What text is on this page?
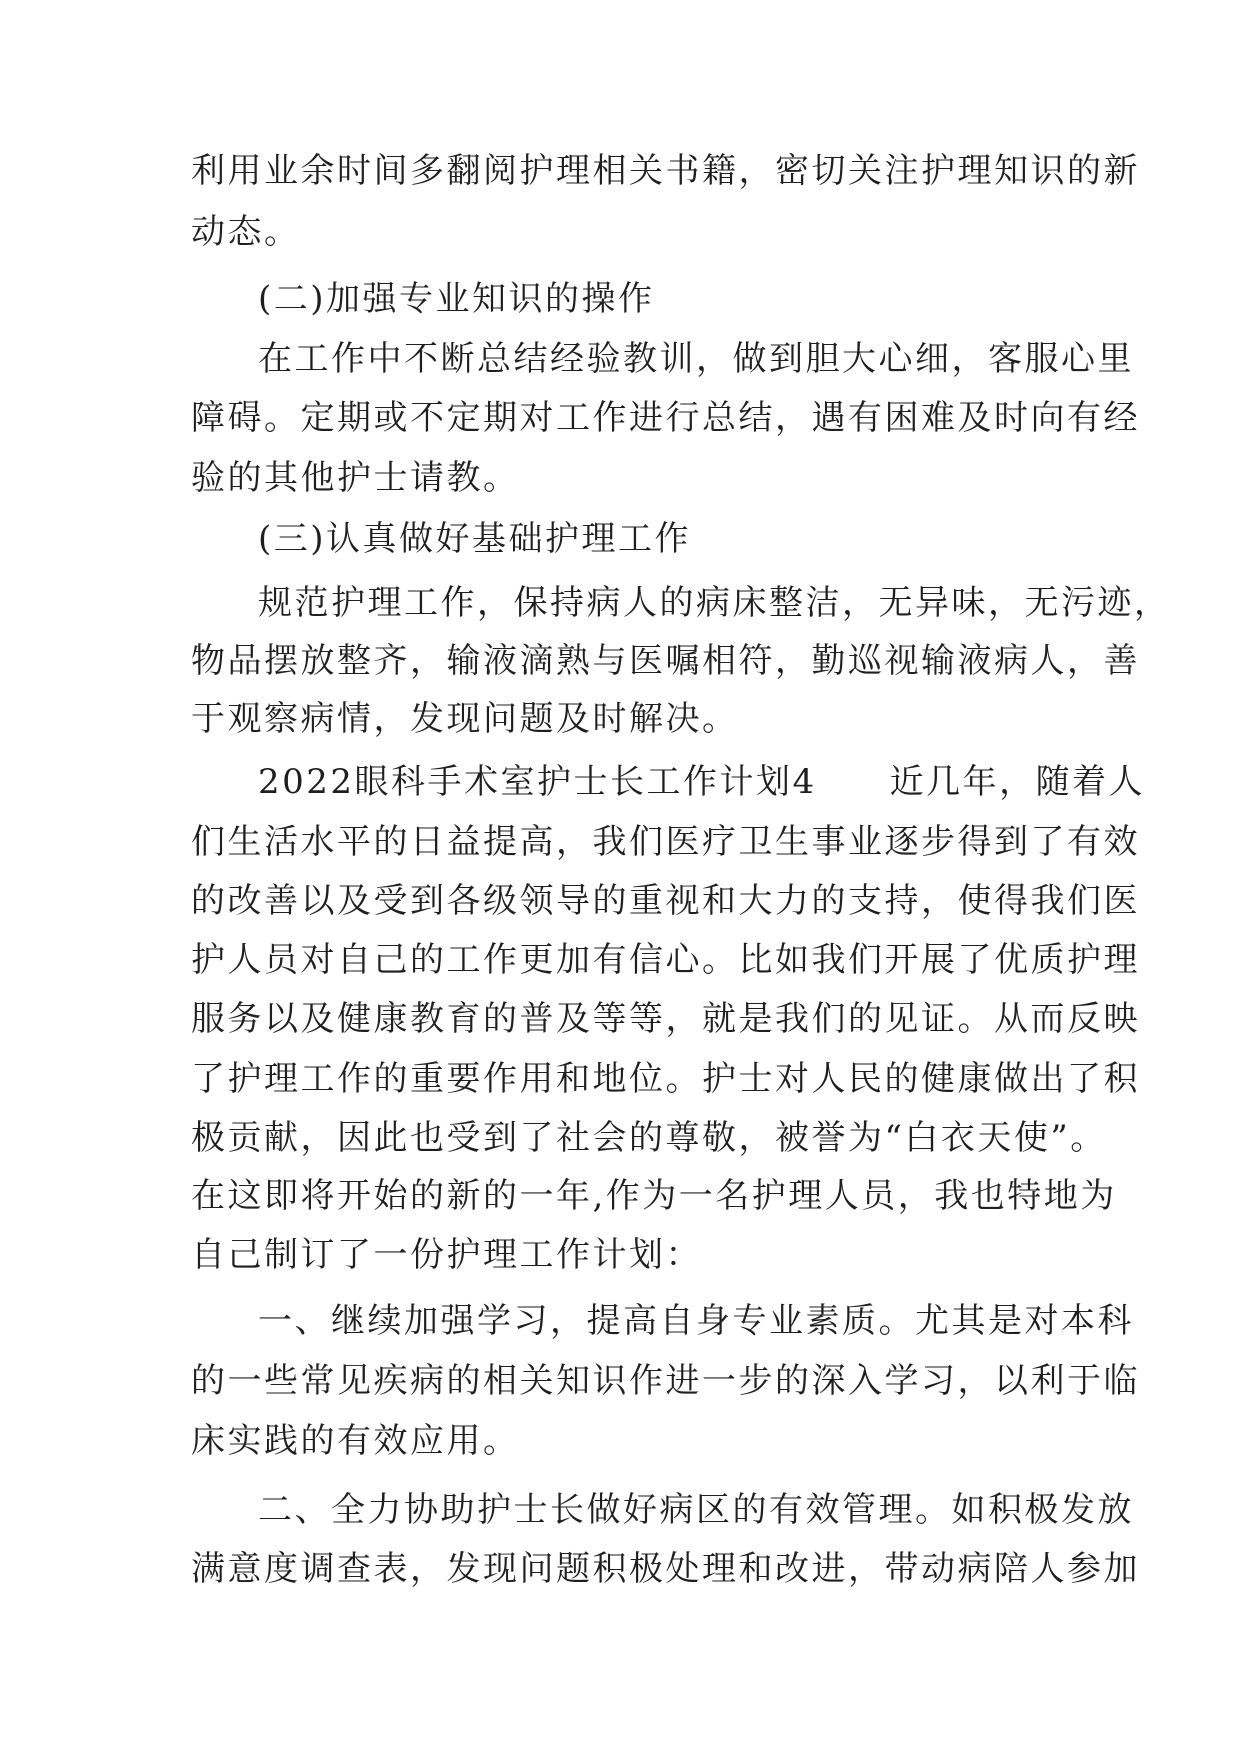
利用业余时间多翻阅护理相关书籍，密切关注护理知识的新
动态。
(二)加强专业知识的操作
在工作中不断总结经验教训，做到胆大心细，客服心里
障碍。定期或不定期对工作进行总结，遇有困难及时向有经
验的其他护士请教。
(三)认真做好基础护理工作
规范护理工作，保持病人的病床整洁，无异味，无污迹，
物品摆放整齐，输液滴熟与医嘱相符，勤巡视输液病人，善
于观察病情，发现问题及时解决。
2022眼科手术室护士长工作计划4　　近几年，随着人
们生活水平的日益提高，我们医疗卫生事业逐步得到了有效
的改善以及受到各级领导的重视和大力的支持，使得我们医
护人员对自己的工作更加有信心。比如我们开展了优质护理
服务以及健康教育的普及等等，就是我们的见证。从而反映
了护理工作的重要作用和地位。护士对人民的健康做出了积
极贡献，因此也受到了社会的尊敬，被誉为“白衣天使”。
在这即将开始的新的一年,作为一名护理人员，我也特地为
自己制订了一份护理工作计划：
一、继续加强学习，提高自身专业素质。尤其是对本科
的一些常见疾病的相关知识作进一步的深入学习，以利于临
床实践的有效应用。
二、全力协助护士长做好病区的有效管理。如积极发放
满意度调查表，发现问题积极处理和改进，带动病陪人参加
